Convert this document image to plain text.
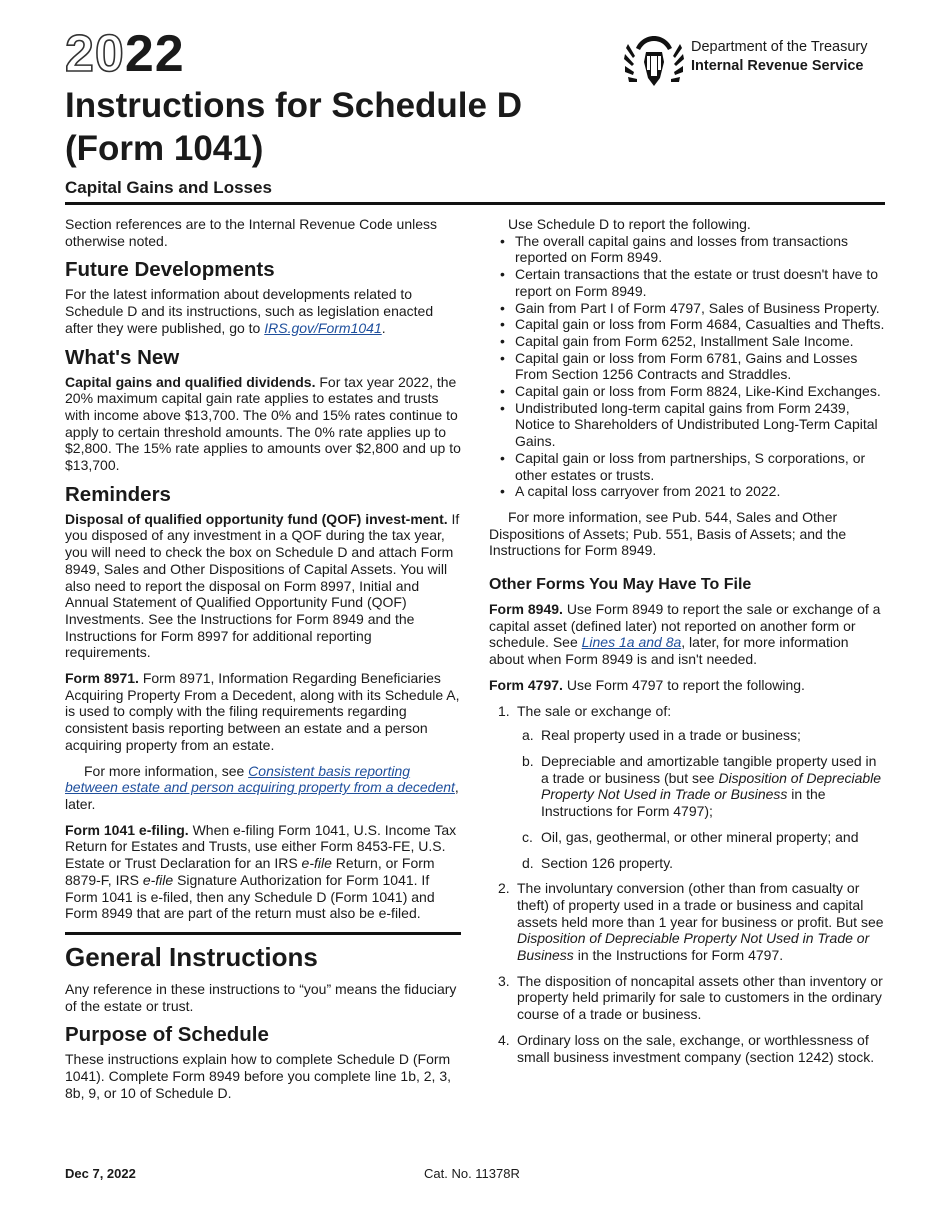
2022
Instructions for Schedule D
(Form 1041)
Capital Gains and Losses
Department of the Treasury
Internal Revenue Service

Section references are to the Internal Revenue Code unless otherwise noted.

Future Developments

For the latest information about developments related to Schedule D and its instructions, such as legislation enacted after they were published, go to IRS.gov/Form1041.

What's New

Capital gains and qualified dividends. For tax year 2022, the 20% maximum capital gain rate applies to estates and trusts with income above $13,700. The 0% and 15% rates continue to apply to certain threshold amounts. The 0% rate applies up to $2,800. The 15% rate applies to amounts over $2,800 and up to $13,700.

Reminders

Disposal of qualified opportunity fund (QOF) invest-ment. If you disposed of any investment in a QOF during the tax year, you will need to check the box on Schedule D and attach Form 8949, Sales and Other Dispositions of Capital Assets. You will also need to report the disposal on Form 8997, Initial and Annual Statement of Qualified Opportunity Fund (QOF) Investments. See the Instructions for Form 8949 and the Instructions for Form 8997 for additional reporting requirements.

Form 8971. Form 8971, Information Regarding Beneficiaries Acquiring Property From a Decedent, along with its Schedule A, is used to comply with the filing requirements regarding consistent basis reporting between an estate and a person acquiring property from an estate.

For more information, see Consistent basis reporting between estate and person acquiring property from a decedent, later.

Form 1041 e-filing. When e-filing Form 1041, U.S. Income Tax Return for Estates and Trusts, use either Form 8453-FE, U.S. Estate or Trust Declaration for an IRS e-file Return, or Form 8879-F, IRS e-file Signature Authorization for Form 1041. If Form 1041 is e-filed, then any Schedule D (Form 1041) and Form 8949 that are part of the return must also be e-filed.

General Instructions

Any reference in these instructions to “you” means the fiduciary of the estate or trust.

Purpose of Schedule

These instructions explain how to complete Schedule D (Form 1041). Complete Form 8949 before you complete line 1b, 2, 3, 8b, 9, or 10 of Schedule D.

Use Schedule D to report the following.

• The overall capital gains and losses from transactions reported on Form 8949.
• Certain transactions that the estate or trust doesn't have to report on Form 8949.
• Gain from Part I of Form 4797, Sales of Business Property.
• Capital gain or loss from Form 4684, Casualties and Thefts.
• Capital gain from Form 6252, Installment Sale Income.
• Capital gain or loss from Form 6781, Gains and Losses From Section 1256 Contracts and Straddles.
• Capital gain or loss from Form 8824, Like-Kind Exchanges.
• Undistributed long-term capital gains from Form 2439, Notice to Shareholders of Undistributed Long-Term Capital Gains.
• Capital gain or loss from partnerships, S corporations, or other estates or trusts.
• A capital loss carryover from 2021 to 2022.

For more information, see Pub. 544, Sales and Other Dispositions of Assets; Pub. 551, Basis of Assets; and the Instructions for Form 8949.

Other Forms You May Have To File

Form 8949. Use Form 8949 to report the sale or exchange of a capital asset (defined later) not reported on another form or schedule. See Lines 1a and 8a, later, for more information about when Form 8949 is and isn't needed.

Form 4797. Use Form 4797 to report the following.

1. The sale or exchange of:
a. Real property used in a trade or business;
b. Depreciable and amortizable tangible property used in a trade or business (but see Disposition of Depreciable Property Not Used in Trade or Business in the Instructions for Form 4797);
c. Oil, gas, geothermal, or other mineral property; and
d. Section 126 property.
2. The involuntary conversion (other than from casualty or theft) of property used in a trade or business and capital assets held more than 1 year for business or profit. But see Disposition of Depreciable Property Not Used in Trade or Business in the Instructions for Form 4797.
3. The disposition of noncapital assets other than inventory or property held primarily for sale to customers in the ordinary course of a trade or business.
4. Ordinary loss on the sale, exchange, or worthlessness of small business investment company (section 1242) stock.
Dec 7, 2022	Cat. No. 11378R
